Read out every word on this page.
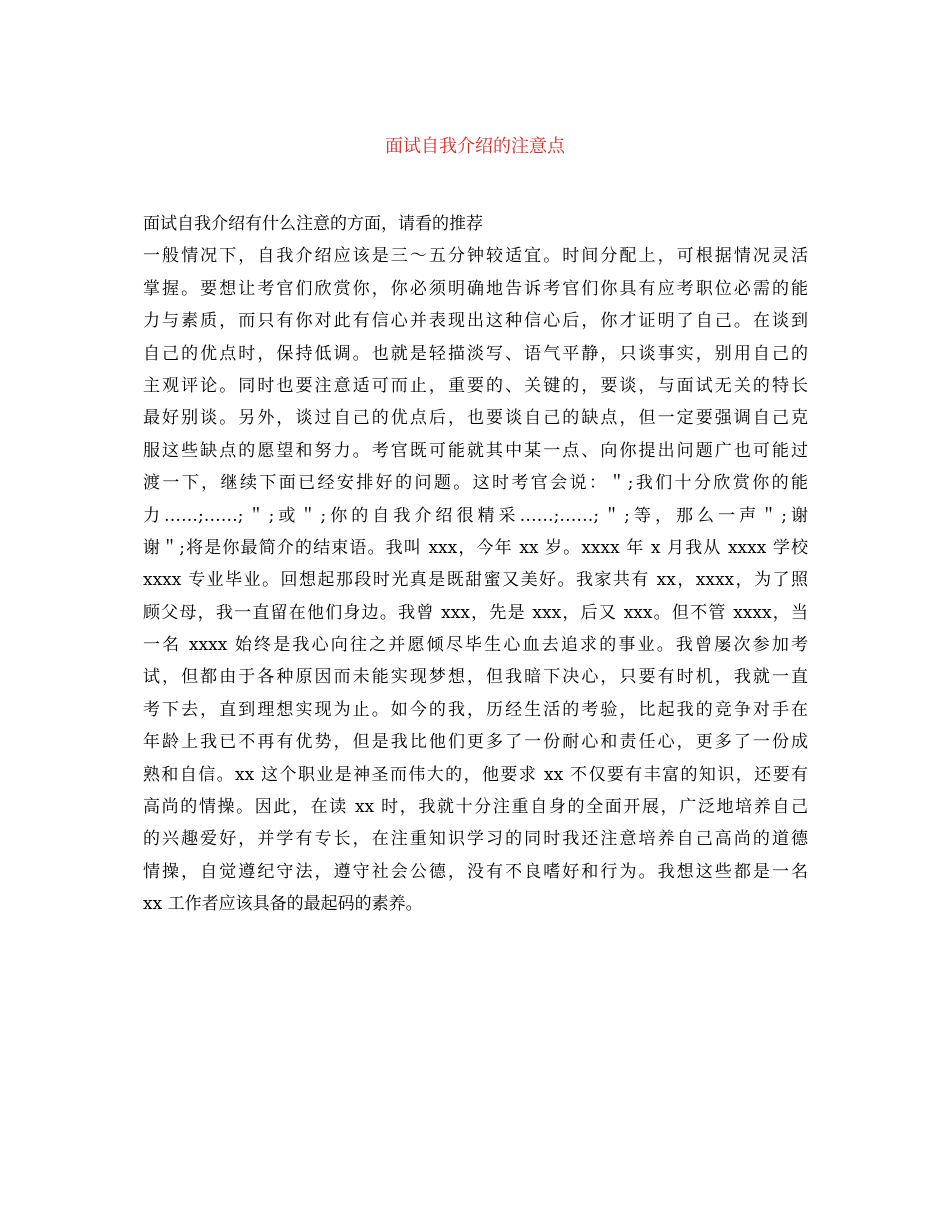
面试自我介绍的注意点
面试自我介绍有什么注意的方面，请看的推荐
一般情况下，自我介绍应该是三～五分钟较适宜。时间分配上，可根据情况灵活
掌握。要想让考官们欣赏你，你必须明确地告诉考官们你具有应考职位必需的能
力与素质，而只有你对此有信心并表现出这种信心后，你才证明了自己。在谈到
自己的优点时，保持低调。也就是轻描淡写、语气平静，只谈事实，别用自己的
主观评论。同时也要注意适可而止，重要的、关键的，要谈，与面试无关的特长
最好别谈。另外，谈过自己的优点后，也要谈自己的缺点，但一定要强调自己克
服这些缺点的愿望和努力。考官既可能就其中某一点、向你提出问题广也可能过
渡一下，继续下面已经安排好的问题。这时考官会说：＂;我们十分欣赏你的能
力……;……;＂;或＂;你的自我介绍很精采……;……;＂;等，那么一声＂;谢
谢＂;将是你最简介的结束语。我叫 xxx，今年 xx 岁。xxxx 年 x 月我从 xxxx 学校
xxxx 专业毕业。回想起那段时光真是既甜蜜又美好。我家共有 xx，xxxx，为了照
顾父母，我一直留在他们身边。我曾 xxx，先是 xxx，后又 xxx。但不管 xxxx，当
一名 xxxx 始终是我心向往之并愿倾尽毕生心血去追求的事业。我曾屡次参加考
试，但都由于各种原因而未能实现梦想，但我暗下决心，只要有时机，我就一直
考下去，直到理想实现为止。如今的我，历经生活的考验，比起我的竞争对手在
年龄上我已不再有优势，但是我比他们更多了一份耐心和责任心，更多了一份成
熟和自信。xx 这个职业是神圣而伟大的，他要求 xx 不仅要有丰富的知识，还要有
高尚的情操。因此，在读 xx 时，我就十分注重自身的全面开展，广泛地培养自己
的兴趣爱好，并学有专长，在注重知识学习的同时我还注意培养自己高尚的道德
情操，自觉遵纪守法，遵守社会公德，没有不良嗜好和行为。我想这些都是一名
xx 工作者应该具备的最起码的素养。
